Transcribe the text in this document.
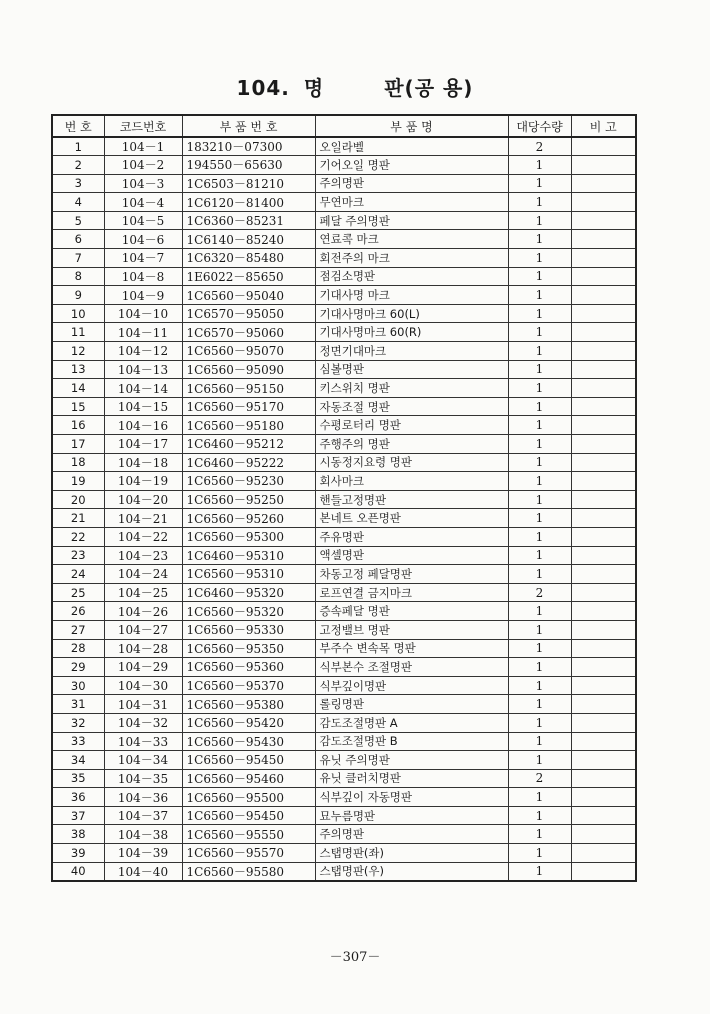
104. 명	판(공 용)
번 호	코드번호	부 품 번 호	부 품 명	대당수량	비 고
1	104－1	183210－07300	오일라벨	2	
2	104－2	194550－65630	기어오일 명판	1	
3	104－3	1C6503－81210	주의명판	1	
4	104－4	1C6120－81400	무연마크	1	
5	104－5	1C6360－85231	페달 주의명판	1	
6	104－6	1C6140－85240	연료콕 마크	1	
7	104－7	1C6320－85480	회전주의 마크	1	
8	104－8	1E6022－85650	점검소명판	1	
9	104－9	1C6560－95040	기대사명 마크	1	
10	104－10	1C6570－95050	기대사명마크 60(L)	1	
11	104－11	1C6570－95060	기대사명마크 60(R)	1	
12	104－12	1C6560－95070	정면기대마크	1	
13	104－13	1C6560－95090	심볼명판	1	
14	104－14	1C6560－95150	키스위치 명판	1	
15	104－15	1C6560－95170	자동조절 명판	1	
16	104－16	1C6560－95180	수평로터리 명판	1	
17	104－17	1C6460－95212	주행주의 명판	1	
18	104－18	1C6460－95222	시동정지요령 명판	1	
19	104－19	1C6560－95230	회사마크	1	
20	104－20	1C6560－95250	핸들고정명판	1	
21	104－21	1C6560－95260	본네트 오픈명판	1	
22	104－22	1C6560－95300	주유명판	1	
23	104－23	1C6460－95310	액셀명판	1	
24	104－24	1C6560－95310	차동고정 페달명판	1	
25	104－25	1C6460－95320	로프연결 금지마크	2	
26	104－26	1C6560－95320	증속페달 명판	1	
27	104－27	1C6560－95330	고정밸브 명판	1	
28	104－28	1C6560－95350	부주수 변속목 명판	1	
29	104－29	1C6560－95360	식부본수 조절명판	1	
30	104－30	1C6560－95370	식부깊이명판	1	
31	104－31	1C6560－95380	롤링명판	1	
32	104－32	1C6560－95420	감도조절명판 A	1	
33	104－33	1C6560－95430	감도조절명판 B	1	
34	104－34	1C6560－95450	유닛 주의명판	1	
35	104－35	1C6560－95460	유닛 클러치명판	2	
36	104－36	1C6560－95500	식부깊이 자동명판	1	
37	104－37	1C6560－95450	묘누름명판	1	
38	104－38	1C6560－95550	주의명판	1	
39	104－39	1C6560－95570	스탭명판(좌)	1	
40	104－40	1C6560－95580	스탭명판(우)	1	
－307－
